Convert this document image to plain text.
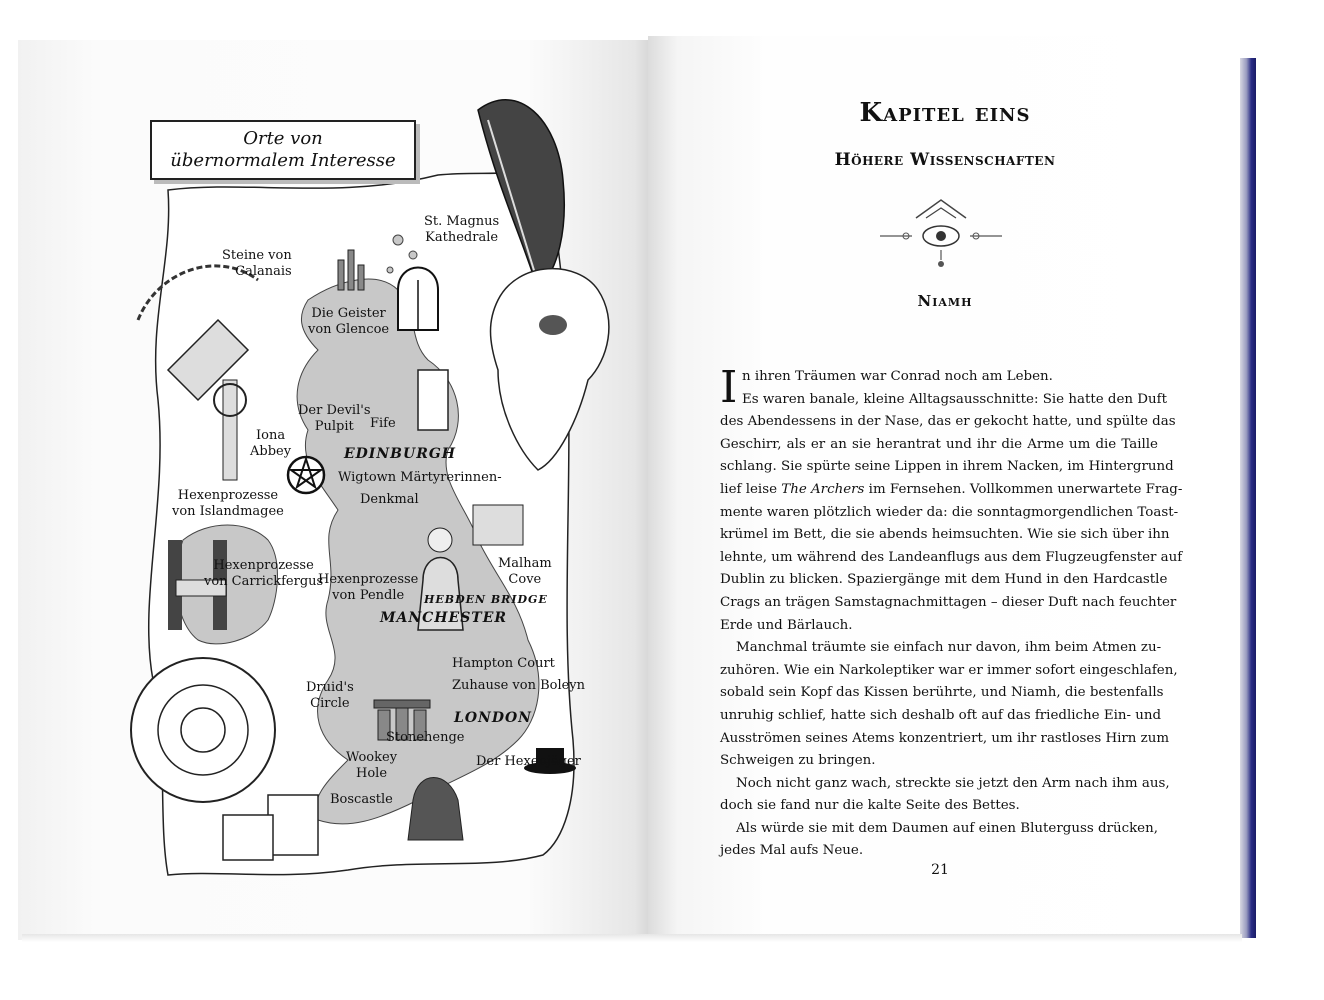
Orte von
übernormalem Interesse
St. Magnus
Kathedrale
Steine von
Calanais
Die Geister
von Glencoe
Der Devil's
Pulpit	Fife
Iona
Abbey	EDINBURGH
Wigtown Märtyrerinnen-
Denkmal
Hexenprozesse
von Islandmagee
Hexenprozesse
von Carrickfergus
Malham
Cove
Hexenprozesse
von Pendle	HEBDEN BRIDGE
MANCHESTER
Hampton Court
Zuhause von Boleyn
Druid's
Circle
LONDON
Stonehenge
Wookey
Hole
Der Hexenjäger
Boscastle
Kapitel eins
Höhere Wissenschaften
Niamh
I n ihren Träumen war Conrad noch am Leben.
Es waren banale, kleine Alltagsausschnitte: Sie hatte den Duft
des Abendessens in der Nase, das er gekocht hatte, und spülte das
Geschirr, als er an sie herantrat und ihr die Arme um die Taille
schlang. Sie spürte seine Lippen in ihrem Nacken, im Hintergrund
lief leise The Archers im Fernsehen. Vollkommen unerwartete Frag-
mente waren plötzlich wieder da: die sonntagmorgendlichen Toast-
krümel im Bett, die sie abends heimsuchten. Wie sie sich über ihn
lehnte, um während des Landeanflugs aus dem Flugzeugfenster auf
Dublin zu blicken. Spaziergänge mit dem Hund in den Hardcastle
Crags an trägen Samstagnachmittagen – dieser Duft nach feuchter
Erde und Bärlauch.
Manchmal träumte sie einfach nur davon, ihm beim Atmen zu-
zuhören. Wie ein Narkoleptiker war er immer sofort eingeschlafen,
sobald sein Kopf das Kissen berührte, und Niamh, die bestenfalls
unruhig schlief, hatte sich deshalb oft auf das friedliche Ein- und
Ausströmen seines Atems konzentriert, um ihr rastloses Hirn zum
Schweigen zu bringen.
Noch nicht ganz wach, streckte sie jetzt den Arm nach ihm aus,
doch sie fand nur die kalte Seite des Bettes.
Als würde sie mit dem Daumen auf einen Bluterguss drücken,
jedes Mal aufs Neue.
21
